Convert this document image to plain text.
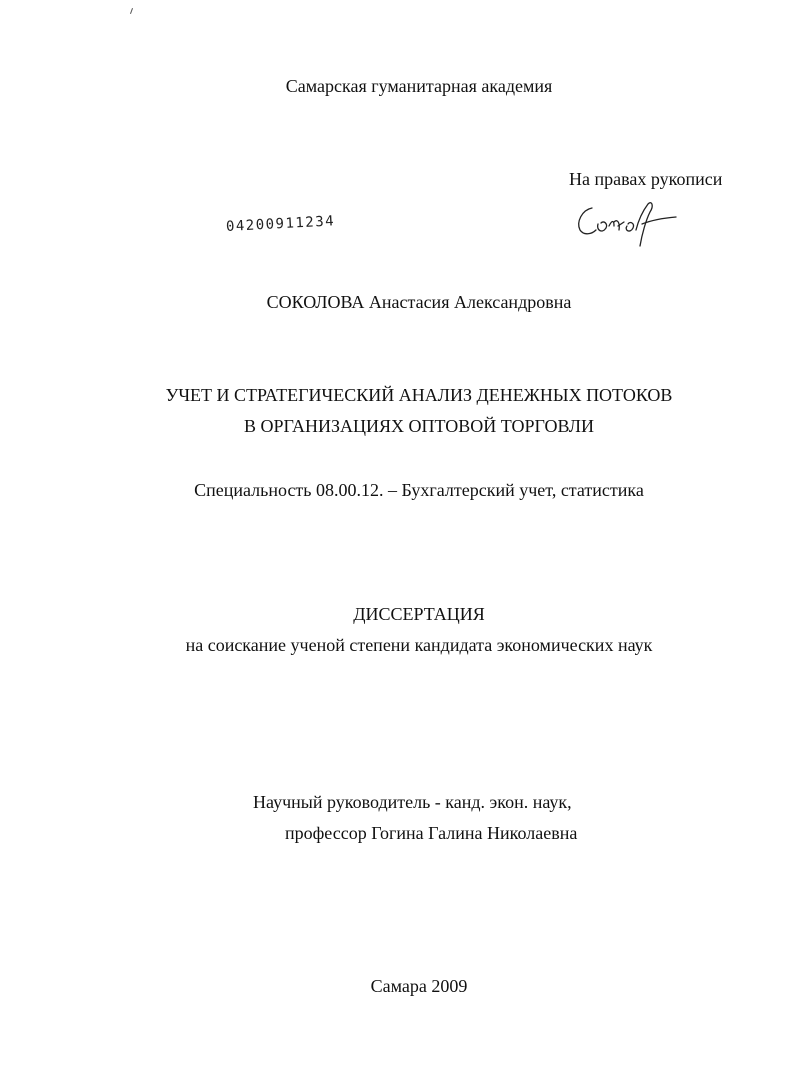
Самарская гуманитарная академия
На правах рукописи
04200911234
СОКОЛОВА Анастасия Александровна
УЧЕТ И СТРАТЕГИЧЕСКИЙ АНАЛИЗ ДЕНЕЖНЫХ ПОТОКОВ
В ОРГАНИЗАЦИЯХ ОПТОВОЙ ТОРГОВЛИ
Специальность 08.00.12. – Бухгалтерский учет, статистика
ДИССЕРТАЦИЯ
на соискание ученой степени кандидата экономических наук
Научный руководитель - канд. экон. наук,
профессор Гогина Галина Николаевна
Самара 2009
